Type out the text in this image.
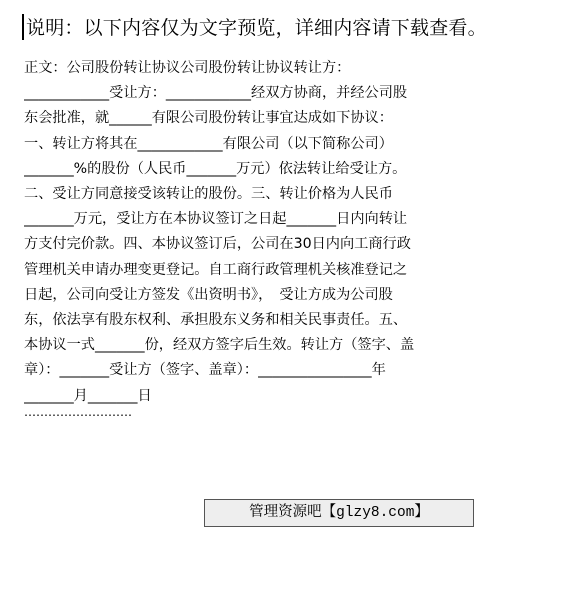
说明：以下内容仅为文字预览，详细内容请下载查看。
正文：公司股份转让协议公司股份转让协议转让方：
____________受让方：____________经双方协商，并经公司股
东会批准，就______有限公司股份转让事宜达成如下协议：
一、转让方将其在____________有限公司（以下简称公司）
_______%的股份（人民币_______万元）依法转让给受让方。
二、受让方同意接受该转让的股份。三、转让价格为人民币
_______万元，受让方在本协议签订之日起_______日内向转让
方支付完价款。四、本协议签订后，公司在30日内向工商行政
管理机关申请办理变更登记。自工商行政管理机关核准登记之
日起，公司向受让方签发《出资明书》，　受让方成为公司股
东，依法享有股东权利、承担股东义务和相关民事责任。五、
本协议一式_______份，经双方签字后生效。转让方（签字、盖
章）：_______受让方（签字、盖章）：________________年
_______月_______日
………………………
管理资源吧【glzy8.com】
